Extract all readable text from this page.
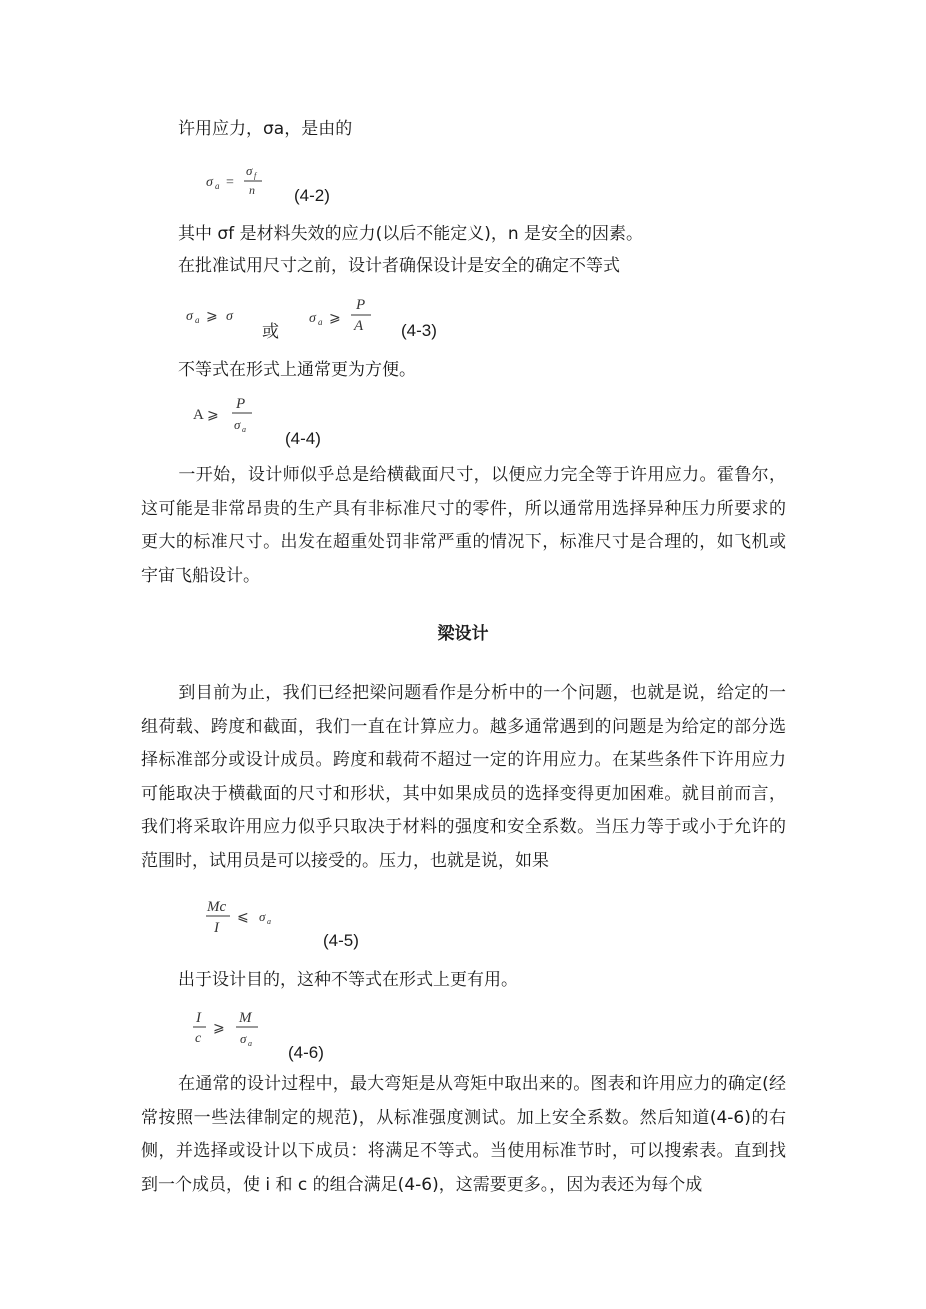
许用应力，σa，是由的
σ a =
σ f
n (4-2)
其中 σf 是材料失效的应力(以后不能定义)，n 是安全的因素。
在批准试用尺寸之前，设计者确保设计是安全的确定不等式
σ a ⩾ σ
或
σ a ⩾
P
A (4-3)
不等式在形式上通常更为方便。
A ⩾
P
σ a (4-4)
一开始，设计师似乎总是给横截面尺寸，以便应力完全等于许用应力。霍鲁尔，这可能是非常昂贵的生产具有非标准尺寸的零件，所以通常用选择异种压力所要求的更大的标准尺寸。出发在超重处罚非常严重的情况下，标准尺寸是合理的，如飞机或宇宙飞船设计。
梁设计
到目前为止，我们已经把梁问题看作是分析中的一个问题，也就是说，给定的一组荷载、跨度和截面，我们一直在计算应力。越多通常遇到的问题是为给定的部分选择标准部分或设计成员。跨度和载荷不超过一定的许用应力。在某些条件下许用应力可能取决于横截面的尺寸和形状，其中如果成员的选择变得更加困难。就目前而言，我们将采取许用应力似乎只取决于材料的强度和安全系数。当压力等于或小于允许的范围时，试用员是可以接受的。压力，也就是说，如果
Mc
I
⩽ σ a
(4-5)
出于设计目的，这种不等式在形式上更有用。
I
c
⩾
M
σ a (4-6)
在通常的设计过程中，最大弯矩是从弯矩中取出来的。图表和许用应力的确定(经常按照一些法律制定的规范)，从标准强度测试。加上安全系数。然后知道(4-6)的右侧，并选择或设计以下成员：将满足不等式。当使用标准节时，可以搜索表。直到找到一个成员，使 i 和 c 的组合满足(4-6)，这需要更多。，因为表还为每个成
